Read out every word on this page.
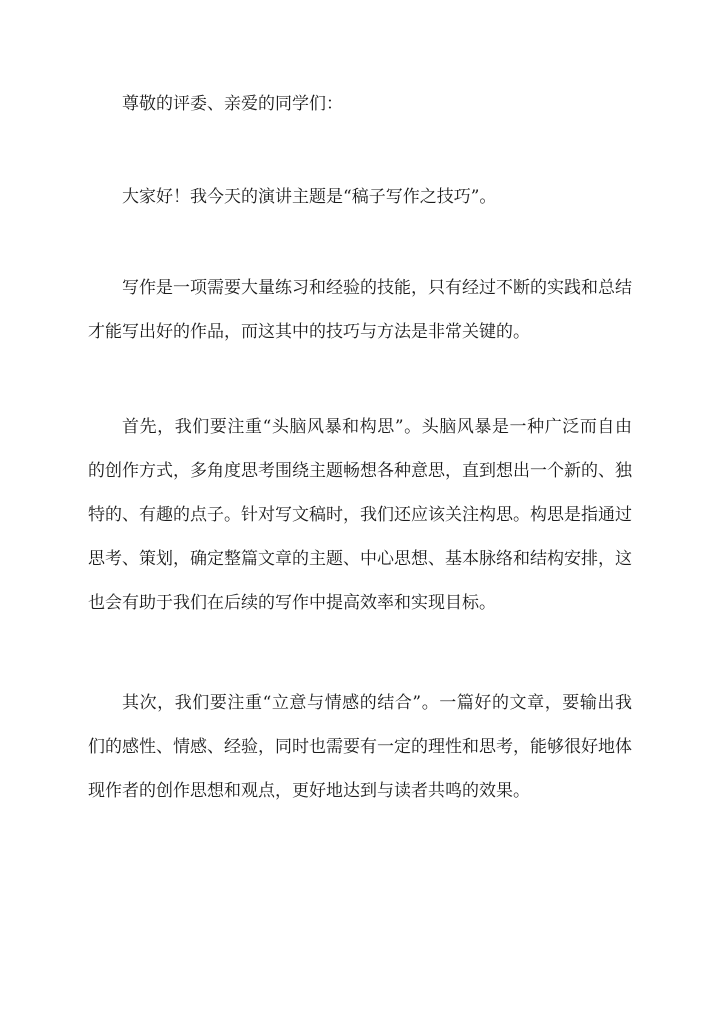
尊敬的评委、亲爱的同学们：

大家好！我今天的演讲主题是“稿子写作之技巧”。

写作是一项需要大量练习和经验的技能，只有经过不断的实践和总结才能写出好的作品，而这其中的技巧与方法是非常关键的。

首先，我们要注重“头脑风暴和构思”。头脑风暴是一种广泛而自由的创作方式，多角度思考围绕主题畅想各种意思，直到想出一个新的、独特的、有趣的点子。针对写文稿时，我们还应该关注构思。构思是指通过思考、策划，确定整篇文章的主题、中心思想、基本脉络和结构安排，这也会有助于我们在后续的写作中提高效率和实现目标。

其次，我们要注重“立意与情感的结合”。一篇好的文章，要输出我们的感性、情感、经验，同时也需要有一定的理性和思考，能够很好地体现作者的创作思想和观点，更好地达到与读者共鸣的效果。
